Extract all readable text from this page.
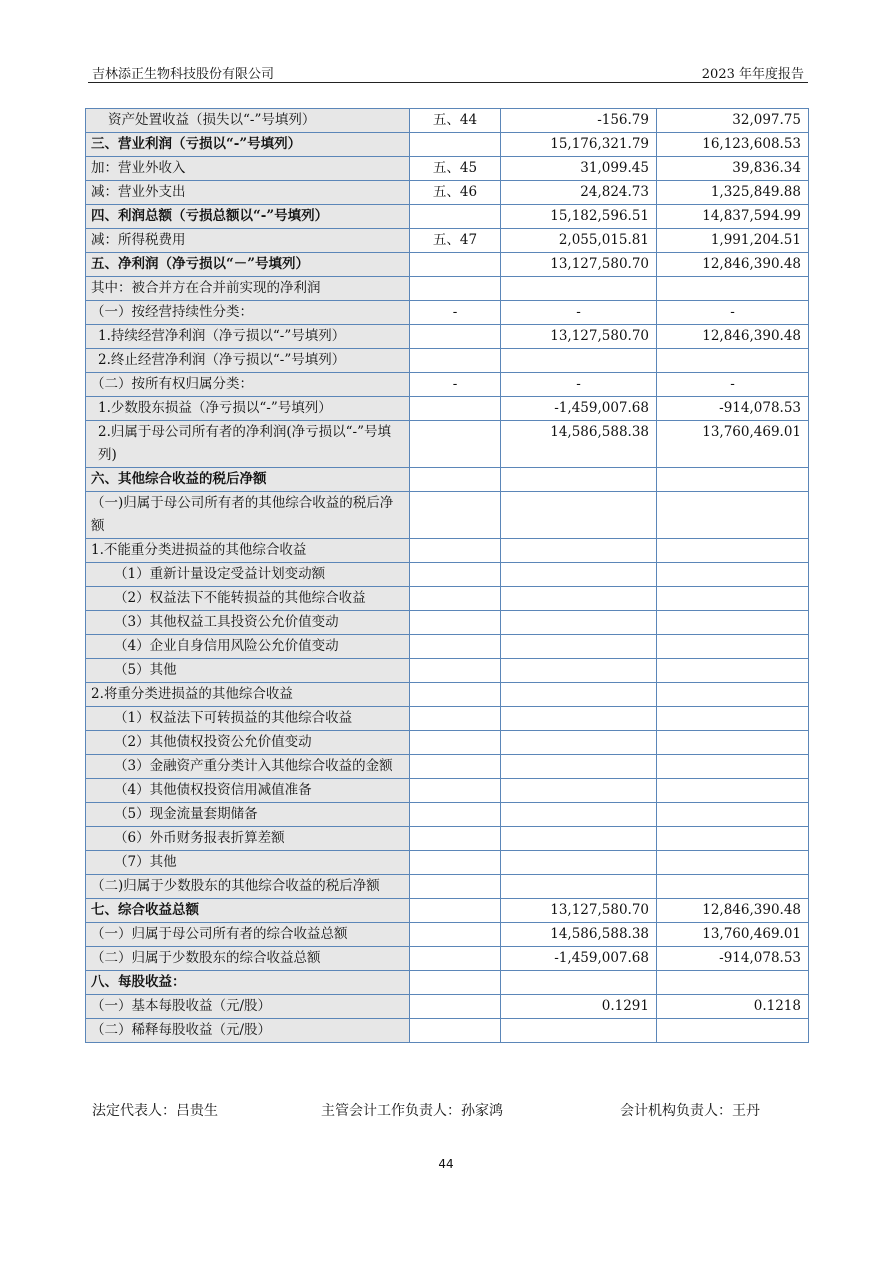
吉林添正生物科技股份有限公司	2023 年年度报告
资产处置收益（损失以“-”号填列）	五、44	-156.79	32,097.75
三、营业利润（亏损以“-”号填列）		15,176,321.79	16,123,608.53
加：营业外收入	五、45	31,099.45	39,836.34
减：营业外支出	五、46	24,824.73	1,325,849.88
四、利润总额（亏损总额以“-”号填列）		15,182,596.51	14,837,594.99
减：所得税费用	五、47	2,055,015.81	1,991,204.51
五、净利润（净亏损以“－”号填列）		13,127,580.70	12,846,390.48
其中：被合并方在合并前实现的净利润			
（一）按经营持续性分类：	-	-	-
1.持续经营净利润（净亏损以“-”号填列）		13,127,580.70	12,846,390.48
2.终止经营净利润（净亏损以“-”号填列）			
（二）按所有权归属分类：	-	-	-
1.少数股东损益（净亏损以“-”号填列）		-1,459,007.68	-914,078.53
2.归属于母公司所有者的净利润(净亏损以“-”号填列)		14,586,588.38	13,760,469.01
六、其他综合收益的税后净额			
（一)归属于母公司所有者的其他综合收益的税后净额			
1.不能重分类进损益的其他综合收益			
（1）重新计量设定受益计划变动额			
（2）权益法下不能转损益的其他综合收益			
（3）其他权益工具投资公允价值变动			
（4）企业自身信用风险公允价值变动			
（5）其他			
2.将重分类进损益的其他综合收益			
（1）权益法下可转损益的其他综合收益			
（2）其他债权投资公允价值变动			
（3）金融资产重分类计入其他综合收益的金额			
（4）其他债权投资信用减值准备			
（5）现金流量套期储备			
（6）外币财务报表折算差额			
（7）其他			
（二)归属于少数股东的其他综合收益的税后净额			
七、综合收益总额		13,127,580.70	12,846,390.48
（一）归属于母公司所有者的综合收益总额		14,586,588.38	13,760,469.01
（二）归属于少数股东的综合收益总额		-1,459,007.68	-914,078.53
八、每股收益：			
（一）基本每股收益（元/股）		0.1291	0.1218
（二）稀释每股收益（元/股）			
法定代表人：吕贵生	主管会计工作负责人：孙家鸿	会计机构负责人：王丹
44
